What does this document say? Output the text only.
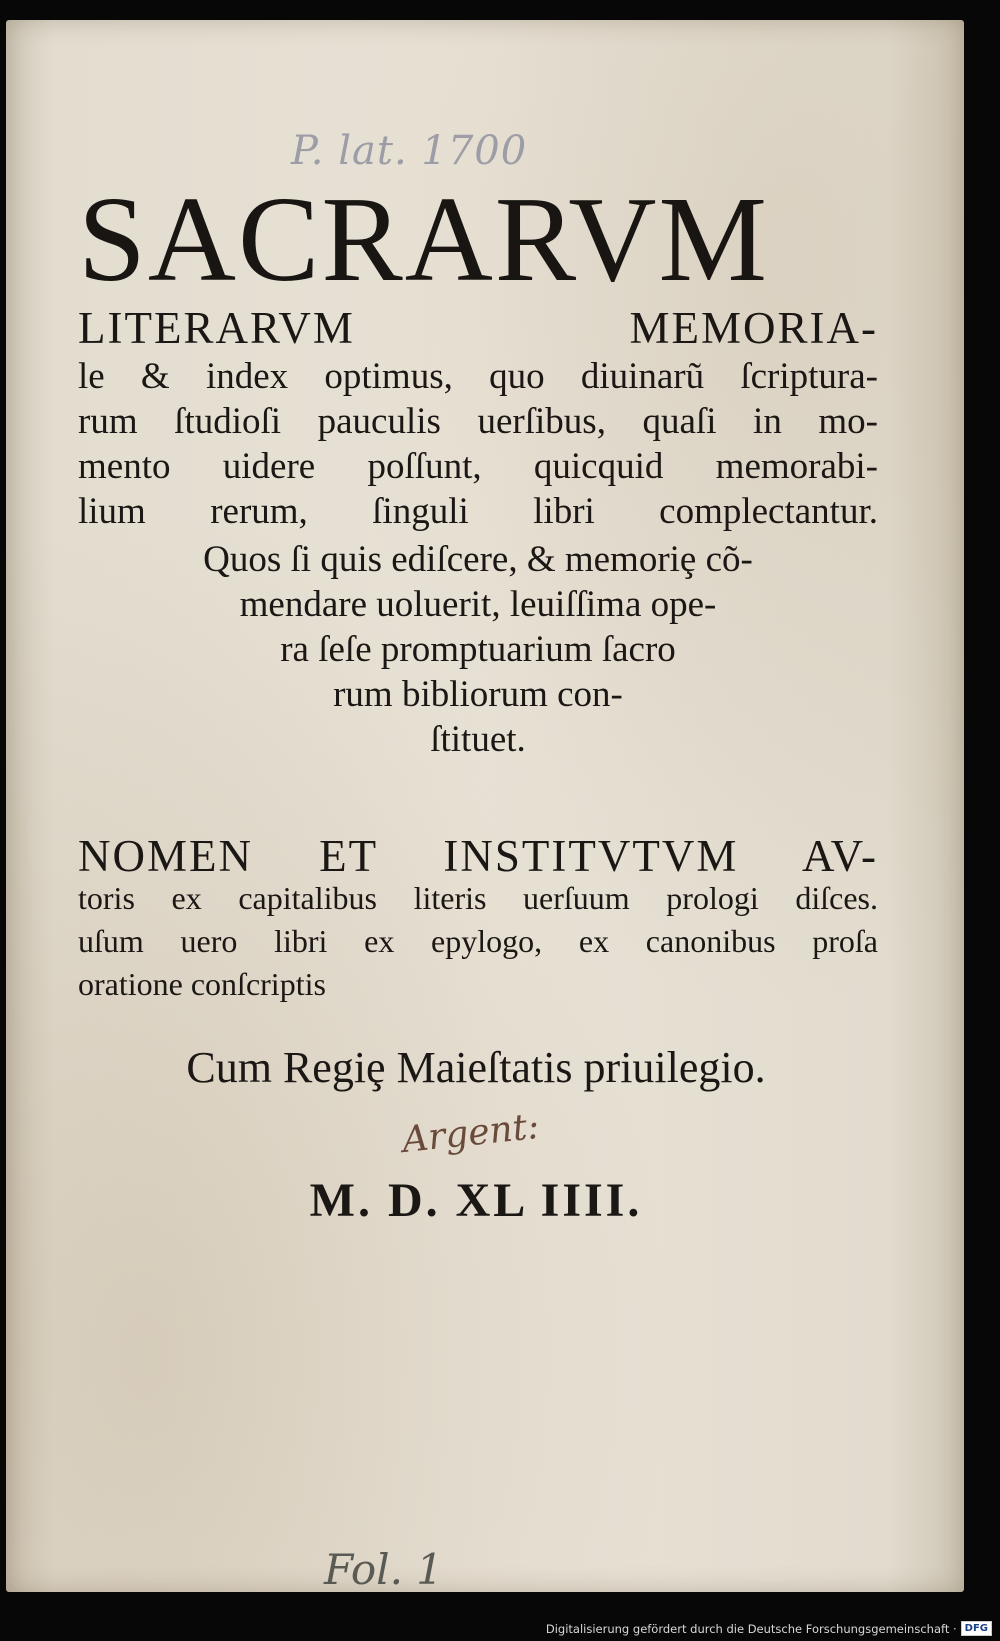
P. lat. 1700
SACRARVM
LITERARVM MEMORIA-
le & index optimus, quo diuinarũ ſcriptura-
rum ſtudioſi pauculis uerſibus, quaſi in mo-
mento uidere poſſunt, quicquid memorabi-
lium rerum, ſinguli libri complectantur.
Quos ſi quis ediſcere, & memoriȩ cõ-
mendare uoluerit, leuiſſima ope-
ra ſeſe promptuarium ſacro
rum bibliorum con-
ſtituet.
NOMEN ET INSTITVTVM AV-
toris ex capitalibus literis uerſuum prologi diſces.
uſum uero libri ex epylogo, ex canonibus proſa
oratione conſcriptis
Cum Regiȩ Maieſtatis priuilegio.
Argent:
M. D. XL IIII.
Fol. 1
Digitalisierung gefördert durch die Deutsche Forschungsgemeinschaft · DFG
